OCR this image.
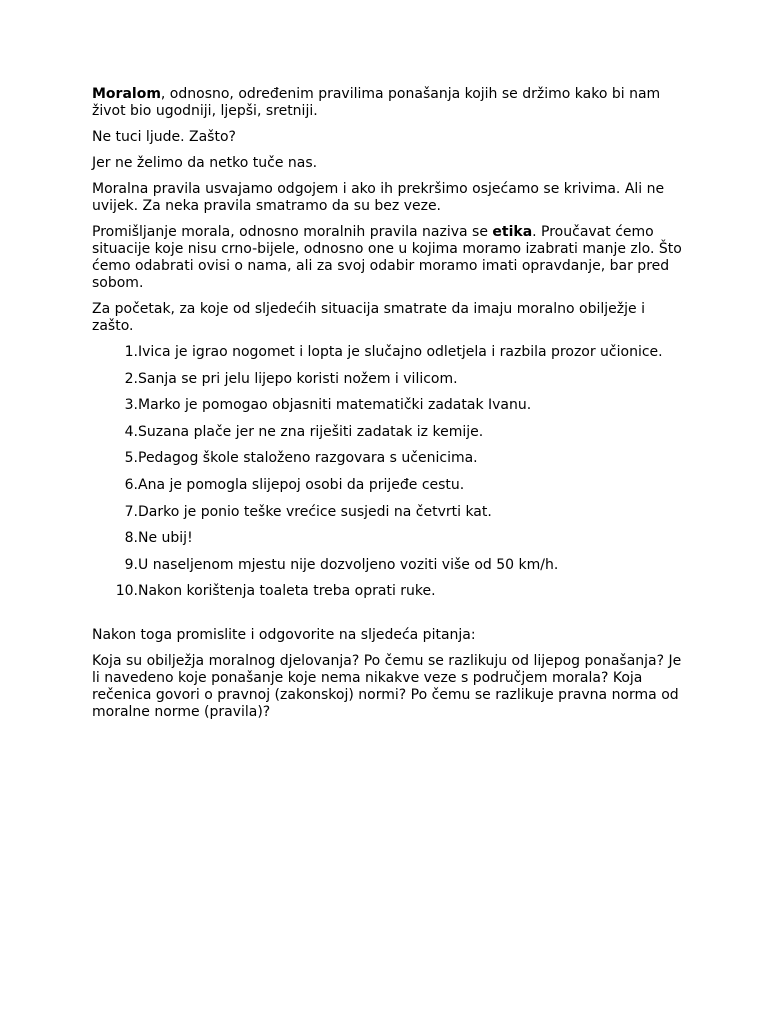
Moralom, odnosno, određenim pravilima ponašanja kojih se držimo kako bi nam život bio ugodniji, ljepši, sretniji.

Ne tuci ljude. Zašto?

Jer ne želimo da netko tuče nas.

Moralna pravila usvajamo odgojem i ako ih prekršimo osjećamo se krivima. Ali ne uvijek. Za neka pravila smatramo da su bez veze.

Promišljanje morala, odnosno moralnih pravila naziva se etika. Proučavat ćemo situacije koje nisu crno-bijele, odnosno one u kojima moramo izabrati manje zlo. Što ćemo odabrati ovisi o nama, ali za svoj odabir moramo imati opravdanje, bar pred sobom.

Za početak, za koje od sljedećih situacija smatrate da imaju moralno obilježje i zašto.

1. Ivica je igrao nogomet i lopta je slučajno odletjela i razbila prozor učionice.
2. Sanja se pri jelu lijepo koristi nožem i vilicom.
3. Marko je pomogao objasniti matematički zadatak Ivanu.
4. Suzana plače jer ne zna riješiti zadatak iz kemije.
5. Pedagog škole staloženo razgovara s učenicima.
6. Ana je pomogla slijepoj osobi da prijeđe cestu.
7. Darko je ponio teške vrećice susjedi na četvrti kat.
8. Ne ubij!
9. U naseljenom mjestu nije dozvoljeno voziti više od 50 km/h.
10. Nakon korištenja toaleta treba oprati ruke.

Nakon toga promislite i odgovorite na sljedeća pitanja:

Koja su obilježja moralnog djelovanja? Po čemu se razlikuju od lijepog ponašanja? Je li navedeno koje ponašanje koje nema nikakve veze s područjem morala? Koja rečenica govori o pravnoj (zakonskoj) normi? Po čemu se razlikuje pravna norma od moralne norme (pravila)?
